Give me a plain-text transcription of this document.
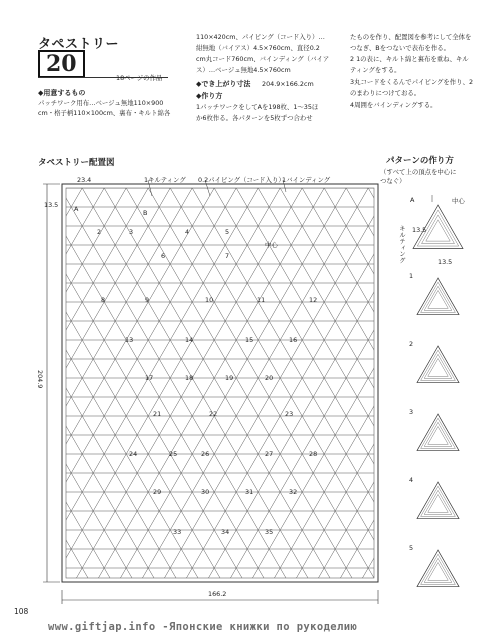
タペストリー
20
18ページの作品
◆用意するもの
パッチワーク用布…ベージュ無地110×900
cm・格子柄110×100cm、裏布・キルト綿各
110×420cm、パイピング（コード入り）…
紺無地（バイアス）4.5×760cm、直径0.2
cm丸コード760cm、バインディング（バイア
ス）…ベージュ無地4.5×760cm
◆でき上がり寸法 204.9×166.2cm
◆作り方
1パッチワークをしてAを198枚、1〜35ほ
か6枚作る。各パターンを5枚ずつ合わせ
たものを作り、配置図を参考にして全体を
つなぎ、Bをつないで表布を作る。
2 1の表に、キルト綿と裏布を重ね、キル
ティングをする。
3丸コードをくるんでパイピングを作り、2
のまわりにつけておる。
4周囲をバインディングする。
タペストリー配置図	パターンの作り方
（すべて上の頂点を中心に
つなぐ）
23.4	1キルティング 0.2パイピング（コード入り）
1バインディング
13.5
204.9
166.2
A	B
中心
2	3	4	5
6	7
8	9	10	11	12
13	14	15	16
17	18	19	20
21	22	23
24	25	26	27	28
29	30	31	32
33	34	35
A	中心
キルティング 13.5
13.5
1
2
3
4
5
108
www.giftjap.info -Японские книжки по рукоделию
